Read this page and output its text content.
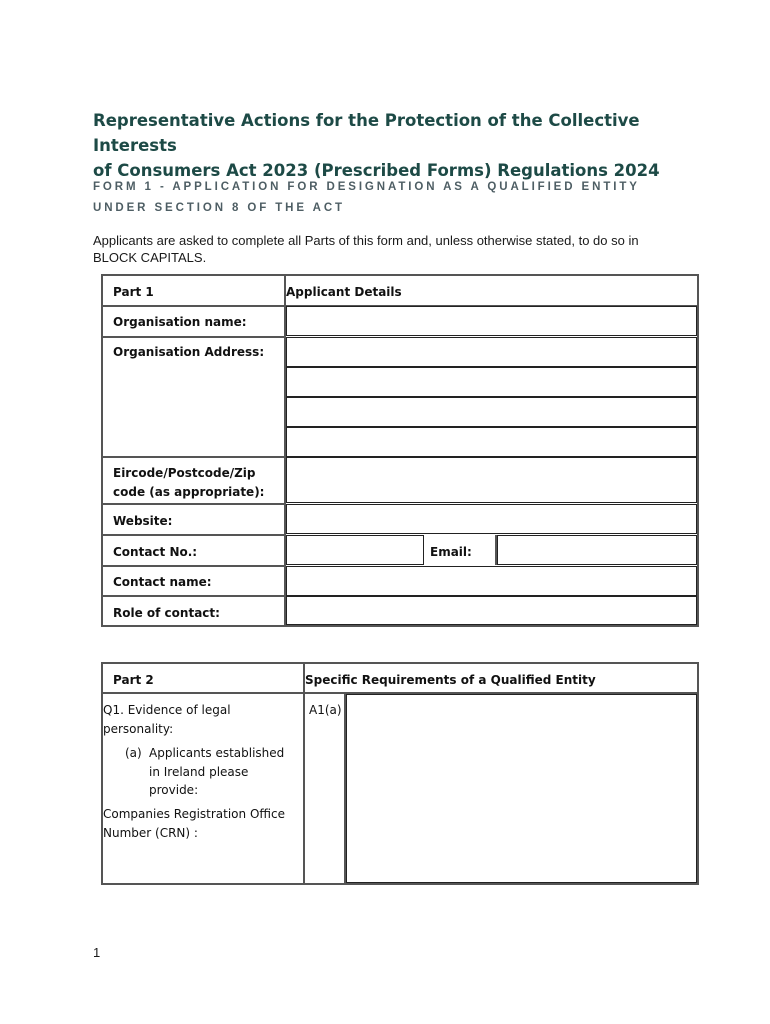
Representative Actions for the Protection of the Collective Interests
of Consumers Act 2023 (Prescribed Forms) Regulations 2024
FORM 1 - APPLICATION FOR DESIGNATION AS A QUALIFIED ENTITY
UNDER SECTION 8 OF THE ACT
Applicants are asked to complete all Parts of this form and, unless otherwise stated, to do so in
BLOCK CAPITALS.
Part 1	Applicant Details
Organisation name:
Organisation Address:
Eircode/Postcode/Zip
code (as appropriate):
Website:
Contact No.:
Contact name:
Role of contact:
Email:
Part 2	Specific Requirements of a Qualified Entity
Q1. Evidence of legal
personality:
(a) Applicants established
in Ireland please
provide:
Companies Registration Office
Number (CRN) :
A1(a)
1
